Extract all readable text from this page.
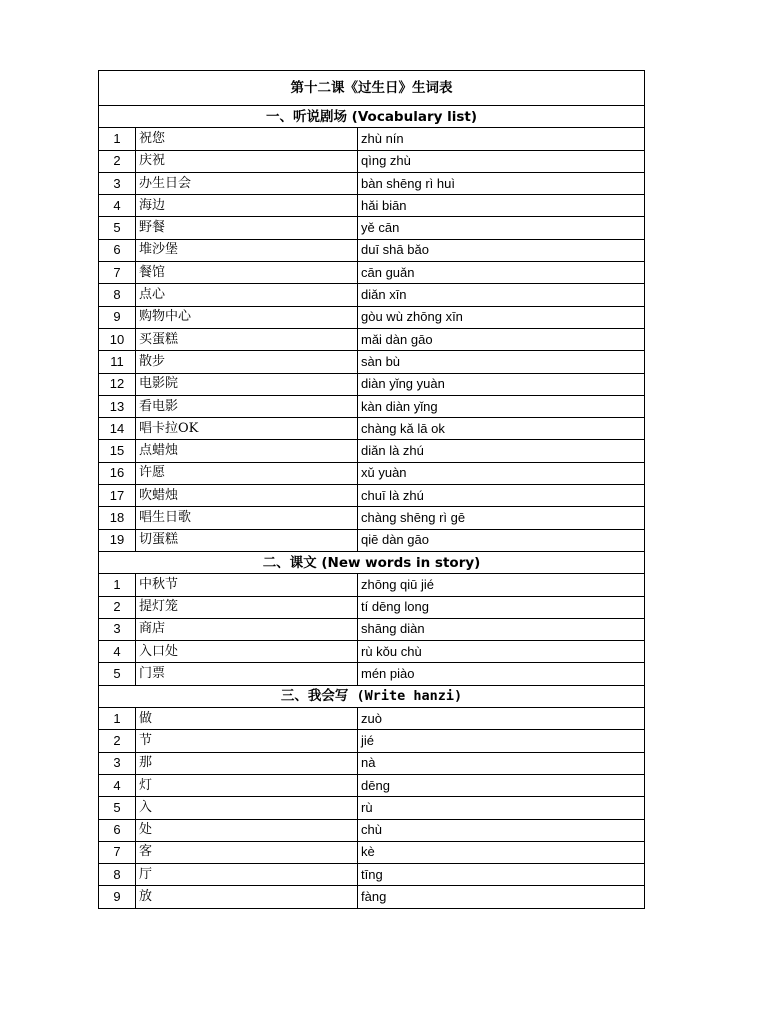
第十二课《过生日》生词表		
一、听说剧场 (Vocabulary list)		
1	祝您	zhù nín
2	庆祝	qìng zhù
3	办生日会	bàn shēng rì huì
4	海边	hǎi biān
5	野餐	yě cān
6	堆沙堡	duī shā bǎo
7	餐馆	cān guǎn
8	点心	diǎn xīn
9	购物中心	gòu wù zhōng xīn
10	买蛋糕	mǎi dàn gāo
11	散步	sàn bù
12	电影院	diàn yǐng yuàn
13	看电影	kàn diàn yǐng
14	唱卡拉OK	chàng kǎ lā ok
15	点蜡烛	diǎn là zhú
16	许愿	xǔ yuàn
17	吹蜡烛	chuī là zhú
18	唱生日歌	chàng shēng rì gē
19	切蛋糕	qiē dàn gāo
二、课文 (New words in story)		
1	中秋节	zhōng qiū jié
2	提灯笼	tí dēng long
3	商店	shāng diàn
4	入口处	rù kǒu chù
5	门票	mén piào
三、我会写 (Write hanzi)		
1	做	zuò
2	节	jié
3	那	nà
4	灯	dēng
5	入	rù
6	处	chù
7	客	kè
8	厅	tīng
9	放	fàng
